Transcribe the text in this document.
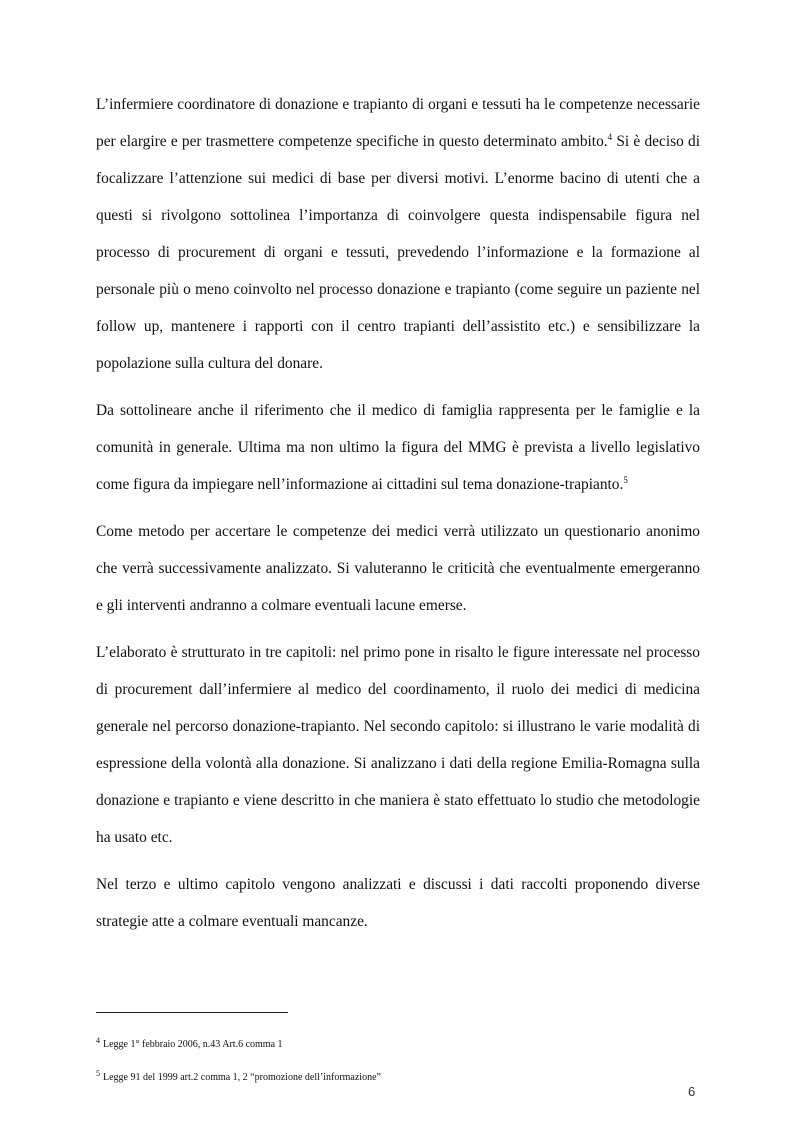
L’infermiere coordinatore di donazione e trapianto di organi e tessuti ha le competenze necessarie per elargire e per trasmettere competenze specifiche in questo determinato ambito.$^4$ Si è deciso di focalizzare l’attenzione sui medici di base per diversi motivi. L’enorme bacino di utenti che a questi si rivolgono sottolinea l’importanza di coinvolgere questa indispensabile figura nel processo di procurement di organi e tessuti, prevedendo l’informazione e la formazione al personale più o meno coinvolto nel processo donazione e trapianto (come seguire un paziente nel follow up, mantenere i rapporti con il centro trapianti dell’assistito etc.) e sensibilizzare la popolazione sulla cultura del donare.

Da sottolineare anche il riferimento che il medico di famiglia rappresenta per le famiglie e la comunità in generale. Ultima ma non ultimo la figura del MMG è prevista a livello legislativo come figura da impiegare nell’informazione ai cittadini sul tema donazione-trapianto.$^5$

Come metodo per accertare le competenze dei medici verrà utilizzato un questionario anonimo che verrà successivamente analizzato. Si valuteranno le criticità che eventualmente emergeranno e gli interventi andranno a colmare eventuali lacune emerse.

L’elaborato è strutturato in tre capitoli: nel primo pone in risalto le figure interessate nel processo di procurement dall’infermiere al medico del coordinamento, il ruolo dei medici di medicina generale nel percorso donazione-trapianto. Nel secondo capitolo: si illustrano le varie modalità di espressione della volontà alla donazione. Si analizzano i dati della regione Emilia-Romagna sulla donazione e trapianto e viene descritto in che maniera è stato effettuato lo studio che metodologie ha usato etc.

Nel terzo e ultimo capitolo vengono analizzati e discussi i dati raccolti proponendo diverse strategie atte a colmare eventuali mancanze.

$^4$ Legge 1° febbraio 2006, n.43 Art.6 comma 1
$^5$ Legge 91 del 1999 art.2 comma 1, 2 “promozione dell’informazione”
6
